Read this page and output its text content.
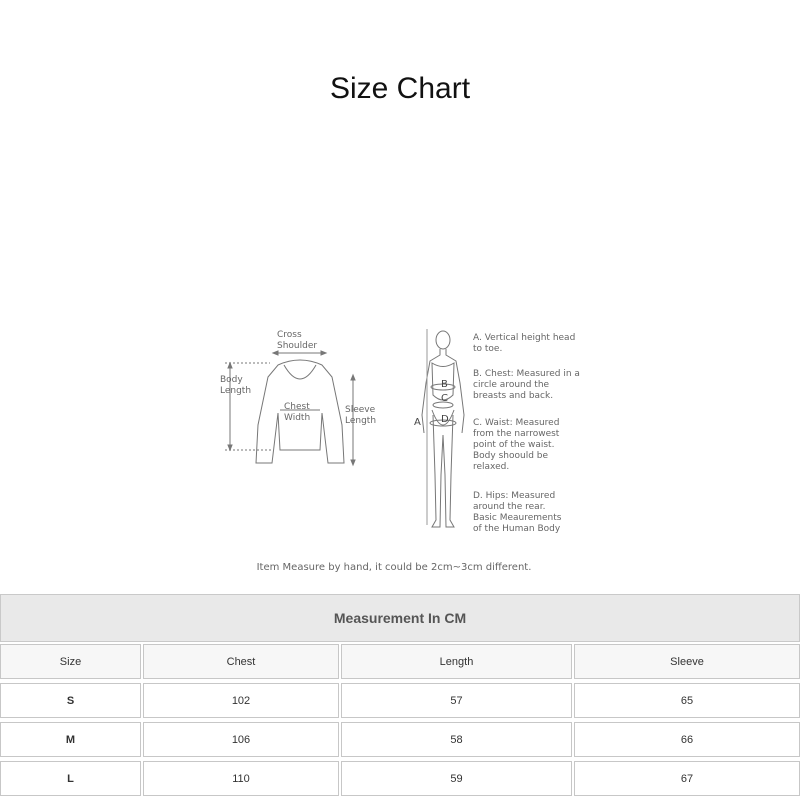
Size Chart
Cross
Shoulder
Body
Length
Chest
Width
Sleeve
Length	A
B
C
D
A. Vertical height head
to toe.
B. Chest: Measured in a
circle around the
breasts and back.
C. Waist: Measured
from the narrowest
point of the waist.
Body shoould be
relaxed.
D. Hips: Measured
around the rear.
Basic Meaurements
of the Human Body
Item Measure by hand, it could be 2cm~3cm different.
Measurement In CM
Size	Chest	Length	Sleeve
S	102	57	65
M	106	58	66
L	110	59	67
